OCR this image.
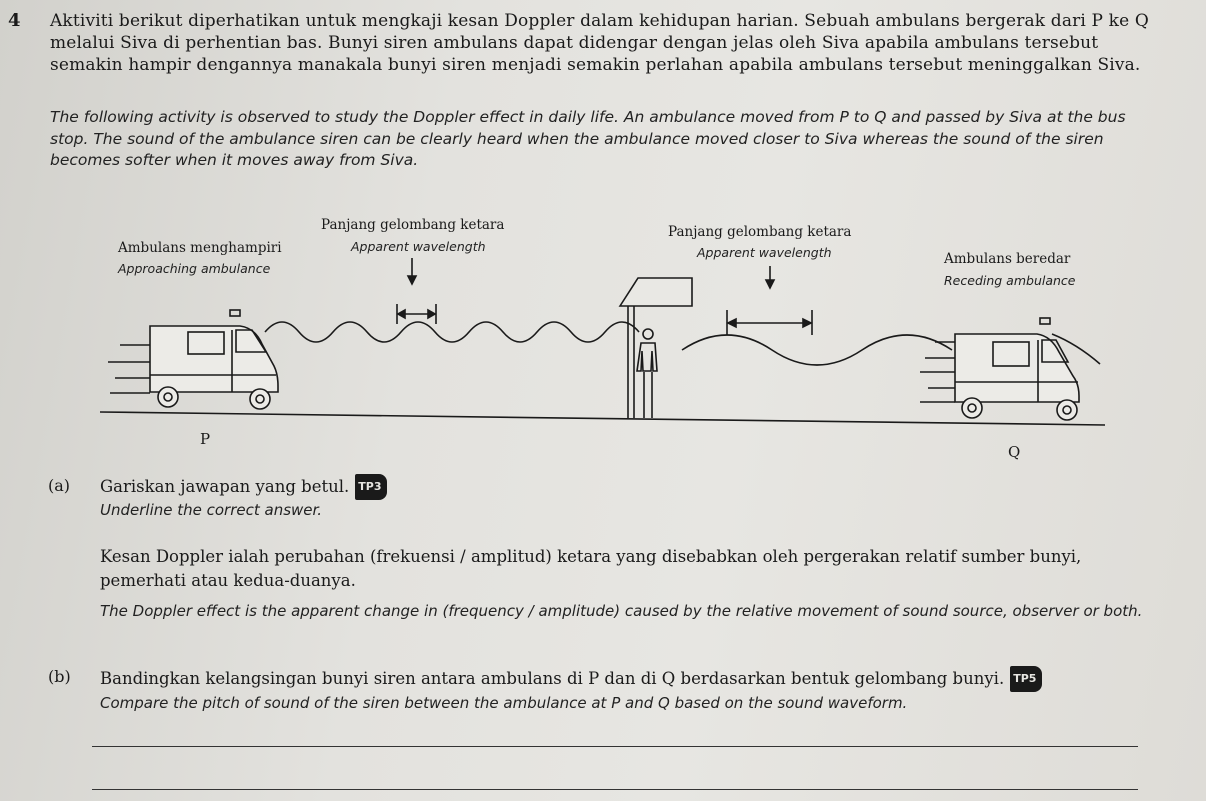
4 Aktiviti berikut diperhatikan untuk mengkaji kesan Doppler dalam kehidupan harian. Sebuah ambulans bergerak dari P ke Q melalui Siva di perhentian bas. Bunyi siren ambulans dapat didengar dengan jelas oleh Siva apabila ambulans tersebut semakin hampir dengannya manakala bunyi siren menjadi semakin perlahan apabila ambulans tersebut meninggalkan Siva.

The following activity is observed to study the Doppler effect in daily life. An ambulance moved from P to Q and passed by Siva at the bus stop. The sound of the ambulance siren can be clearly heard when the ambulance moved closer to Siva whereas the sound of the siren becomes softer when it moves away from Siva.

Ambulans menghampiri
Approaching ambulance
Panjang gelombang ketara
Apparent wavelength
Panjang gelombang ketara
Apparent wavelength	Ambulans beredar
Receding ambulance
P
Q
(a) Gariskan jawapan yang betul. TP3
Underline the correct answer.

Kesan Doppler ialah perubahan (frekuensi / amplitud) ketara yang disebabkan oleh pergerakan relatif sumber bunyi, pemerhati atau kedua-duanya.

The Doppler effect is the apparent change in (frequency / amplitude) caused by the relative movement of sound source, observer or both.

(b) Bandingkan kelangsingan bunyi siren antara ambulans di P dan di Q berdasarkan bentuk gelombang bunyi. TP5
Compare the pitch of sound of the siren between the ambulance at P and Q based on the sound waveform.
